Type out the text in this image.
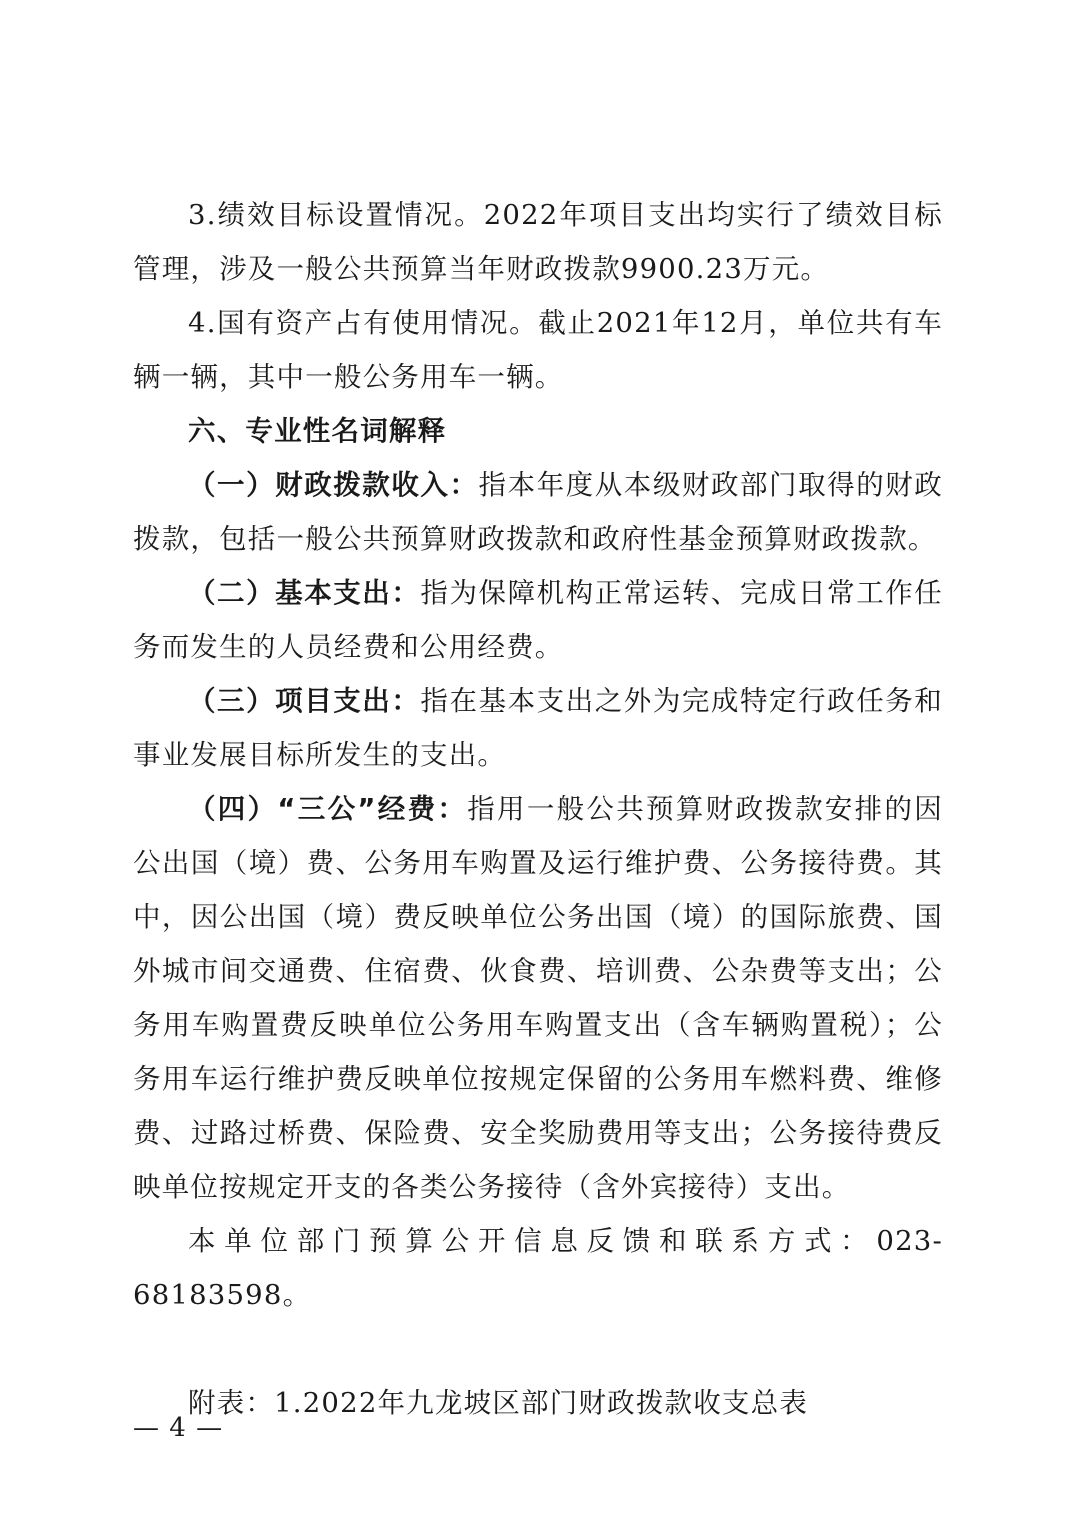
3.绩效目标设置情况。2022年项目支出均实行了绩效目标管理，涉及一般公共预算当年财政拨款9900.23万元。

4.国有资产占有使用情况。截止2021年12月，单位共有车辆一辆，其中一般公务用车一辆。

六、专业性名词解释

（一）财政拨款收入：指本年度从本级财政部门取得的财政拨款，包括一般公共预算财政拨款和政府性基金预算财政拨款。

（二）基本支出：指为保障机构正常运转、完成日常工作任务而发生的人员经费和公用经费。

（三）项目支出：指在基本支出之外为完成特定行政任务和事业发展目标所发生的支出。

（四）“三公”经费：指用一般公共预算财政拨款安排的因公出国（境）费、公务用车购置及运行维护费、公务接待费。其中，因公出国（境）费反映单位公务出国（境）的国际旅费、国外城市间交通费、住宿费、伙食费、培训费、公杂费等支出；公务用车购置费反映单位公务用车购置支出（含车辆购置税）；公务用车运行维护费反映单位按规定保留的公务用车燃料费、维修费、过路过桥费、保险费、安全奖励费用等支出；公务接待费反映单位按规定开支的各类公务接待（含外宾接待）支出。

本单位部门预算公开信息反馈和联系方式：023-68183598。

附表：1.2022年九龙坡区部门财政拨款收支总表

— 4 —
